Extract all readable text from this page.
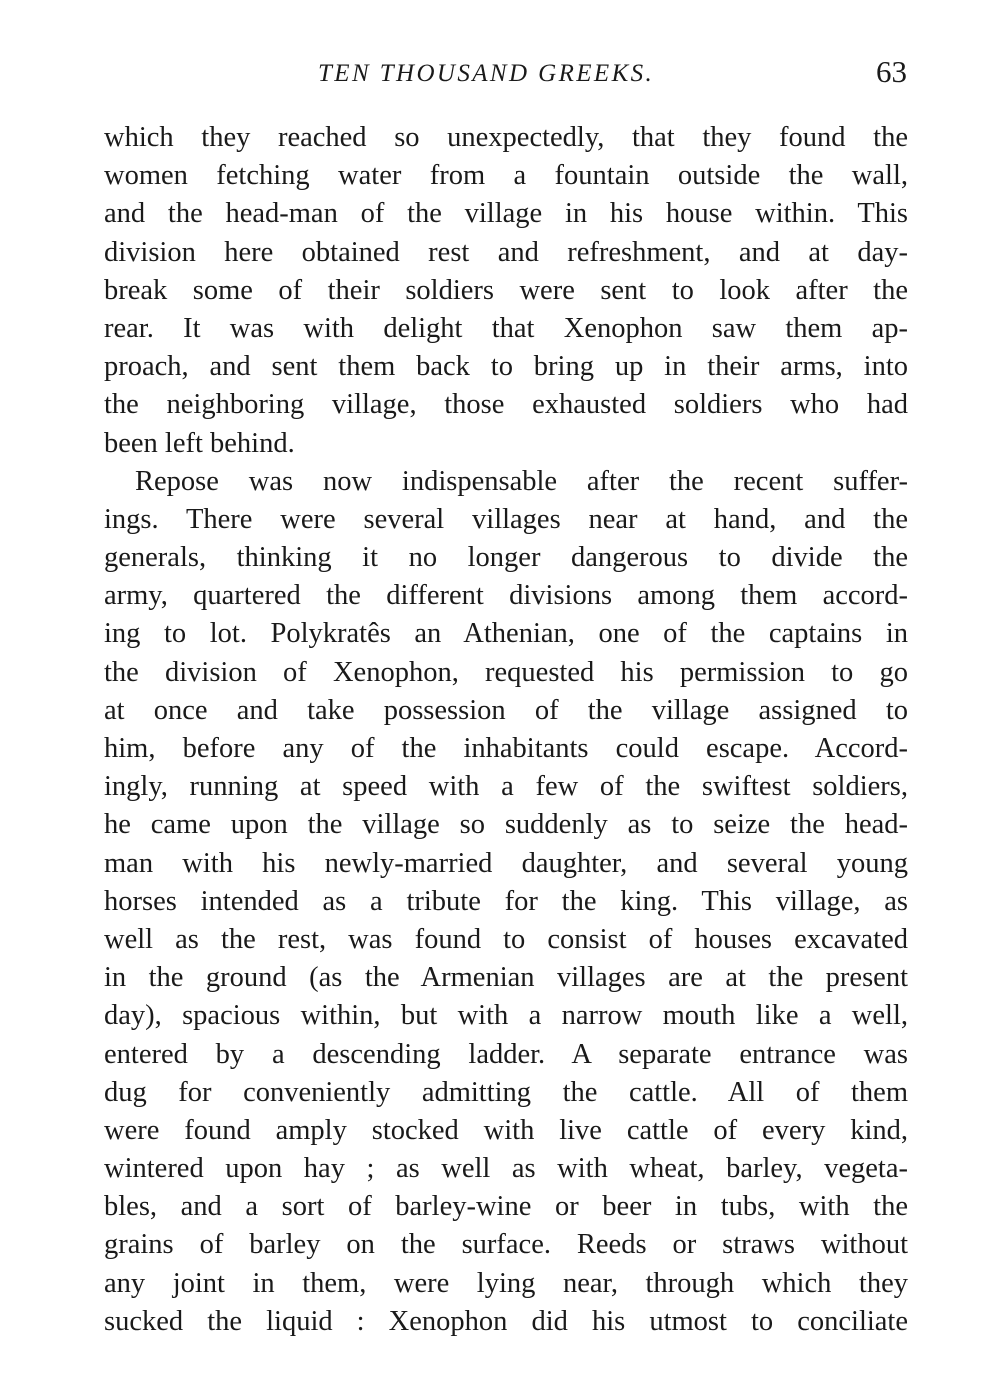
TEN THOUSAND GREEKS.	63
which they reached so unexpectedly, that they found the
women fetching water from a fountain outside the wall,
and the head-man of the village in his house within. This
division here obtained rest and refreshment, and at day-
break some of their soldiers were sent to look after the
rear. It was with delight that Xenophon saw them ap-
proach, and sent them back to bring up in their arms, into
the neighboring village, those exhausted soldiers who had
been left behind.
Repose was now indispensable after the recent suffer-
ings. There were several villages near at hand, and the
generals, thinking it no longer dangerous to divide the
army, quartered the different divisions among them accord-
ing to lot. Polykratês an Athenian, one of the captains in
the division of Xenophon, requested his permission to go
at once and take possession of the village assigned to
him, before any of the inhabitants could escape. Accord-
ingly, running at speed with a few of the swiftest soldiers,
he came upon the village so suddenly as to seize the head-
man with his newly-married daughter, and several young
horses intended as a tribute for the king. This village, as
well as the rest, was found to consist of houses excavated
in the ground (as the Armenian villages are at the present
day), spacious within, but with a narrow mouth like a well,
entered by a descending ladder. A separate entrance was
dug for conveniently admitting the cattle. All of them
were found amply stocked with live cattle of every kind,
wintered upon hay ; as well as with wheat, barley, vegeta-
bles, and a sort of barley-wine or beer in tubs, with the
grains of barley on the surface. Reeds or straws without
any joint in them, were lying near, through which they
sucked the liquid : Xenophon did his utmost to conciliate
